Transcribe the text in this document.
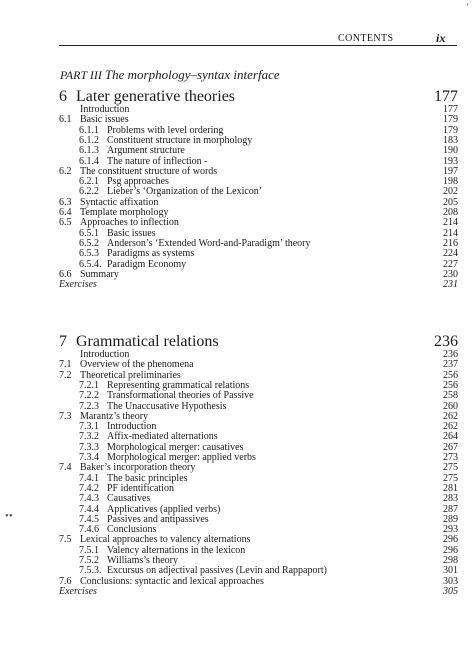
ʼ
••
CONTENTS	ix
PART III The morphology–syntax interface
6 Later generative theories	177
Introduction	177
6.1 Basic issues	179
6.1.1 Problems with level ordering	179
6.1.2 Constituent structure in morphology	183
6.1.3 Argument structure	190
6.1.4 The nature of inflection -	193
6.2 The constituent structure of words	197
6.2.1 Psg approaches	198
6.2.2 Lieber’s ‘Organization of the Lexicon’	202
6.3 Syntactic affixation	205
6.4 Template morphology	208
6.5 Approaches to inflection	214
6.5.1 Basic issues	214
6.5.2 Anderson’s ‘Extended Word-and-Paradigm’ theory	216
6.5.3 Paradigms as systems	224
6.5.4. Paradigm Economy	227
6.6 Summary	230
Exercises	231
7 Grammatical relations	236
Introduction	236
7.1 Overview of the phenomena	237
7.2 Theoretical preliminaries	256
7.2.1 Representing grammatical relations	256
7.2.2 Transformational theories of Passive	258
7.2.3 The Unaccusative Hypothesis	260
7.3 Marantz’s theory	262
7.3.1 Introduction	262
7.3.2 Affix-mediated alternations	264
7.3.3 Morphological merger: causatives	267
7.3.4 Morphological merger: applied verbs	273
7.4 Baker’s incorporation theory	275
7.4.1 The basic principles	275
7.4.2 PF identification	281
7.4.3 Causatives	283
7.4.4 Applicatives (applied verbs)	287
7.4.5 Passives and antipassives	289
7.4.6 Conclusions	293
7.5 Lexical approaches to valency alternations	296
7.5.1 Valency alternations in the lexicon	296
7.5.2 Williams’s theory	298
7.5.3. Excursus on adjectival passives (Levin and Rappaport)	301
7.6 Conclusions: syntactic and lexical approaches	303
Exercises	305
